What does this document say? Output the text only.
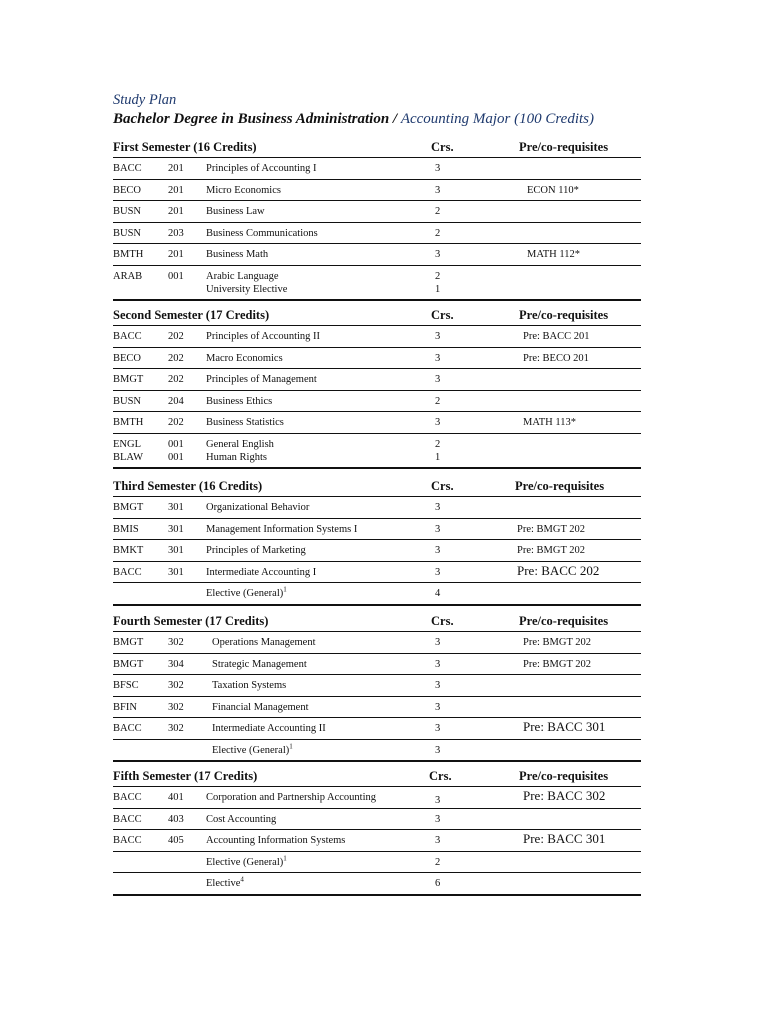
Study Plan
Bachelor Degree in Business Administration / Accounting Major (100 Credits)
First Semester (16 Credits)	Crs.	Pre/co-requisites
BACC	201 Principles of Accounting I	3
BECO	201 Micro Economics	3	ECON 110*
BUSN	201 Business Law	2
BUSN	203 Business Communications	2
BMTH 201 Business Math	3	MATH 112*
ARAB 001 Arabic Language	2
University Elective	1
Second Semester (17 Credits)	Crs.	Pre/co-requisites
BACC	202 Principles of Accounting II	3	Pre: BACC 201
BECO	202 Macro Economics	3	Pre: BECO 201
BMGT 202 Principles of Management	3
BUSN	204 Business Ethics	2
BMTH 202 Business Statistics	3	MATH 113*
ENGL	001 General English	2
BLAW 001 Human Rights	1
Third Semester (16 Credits)	Crs.	Pre/co-requisites
BMGT 301 Organizational Behavior	3
BMIS	301 Management Information Systems I	3	Pre: BMGT 202
BMKT 301 Principles of Marketing	3	Pre: BMGT 202
BACC	301 Intermediate Accounting I	3	Pre: BACC 202
Elective (General)$^1$	4
Fourth Semester (17 Credits)	Crs.	Pre/co-requisites
BMGT 302	Operations Management	3	Pre: BMGT 202
BMGT 304	Strategic Management	3	Pre: BMGT 202
BFSC	302	Taxation Systems	3
BFIN	302	Financial Management	3
BACC	302	Intermediate Accounting II	3	Pre: BACC 301
Elective (General)$^1$	3
Fifth Semester (17 Credits)	Crs.	Pre/co-requisites
BACC	401 Corporation and Partnership Accounting	3	Pre: BACC 302
BACC	403 Cost Accounting	3
BACC	405 Accounting Information Systems	3	Pre: BACC 301
Elective (General)$^1$	2
Elective$^4$	6
